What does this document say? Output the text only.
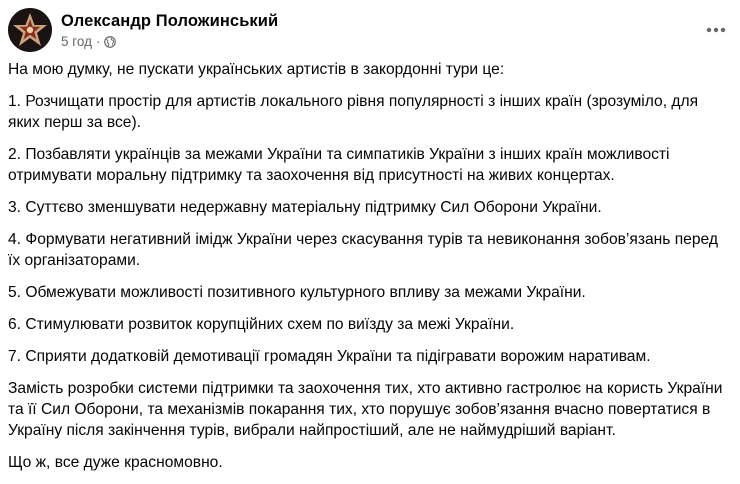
Олександр Положинський
5 год ·

На мою думку, не пускати українських артистів в закордонні тури це:

1. Розчищати простір для артистів локального рівня популярності з інших країн (зрозуміло, для яких перш за все).

2. Позбавляти українців за межами України та симпатиків України з інших країн можливості отримувати моральну підтримку та заохочення від присутності на живих концертах.

3. Суттєво зменшувати недержавну матеріальну підтримку Сил Оборони України.

4. Формувати негативний імідж України через скасування турів та невиконання зобов’язань перед їх організаторами.

5. Обмежувати можливості позитивного культурного впливу за межами України.

6. Стимулювати розвиток корупційних схем по виїзду за межі України.

7. Сприяти додатковій демотивації громадян України та підігравати ворожим наративам.

Замість розробки системи підтримки та заохочення тих, хто активно гастролює на користь України та її Сил Оборони, та механізмів покарання тих, хто порушує зобов’язання вчасно повертатися в Україну після закінчення турів, вибрали найпростіший, але не наймудріший варіант.

Що ж, все дуже красномовно.
